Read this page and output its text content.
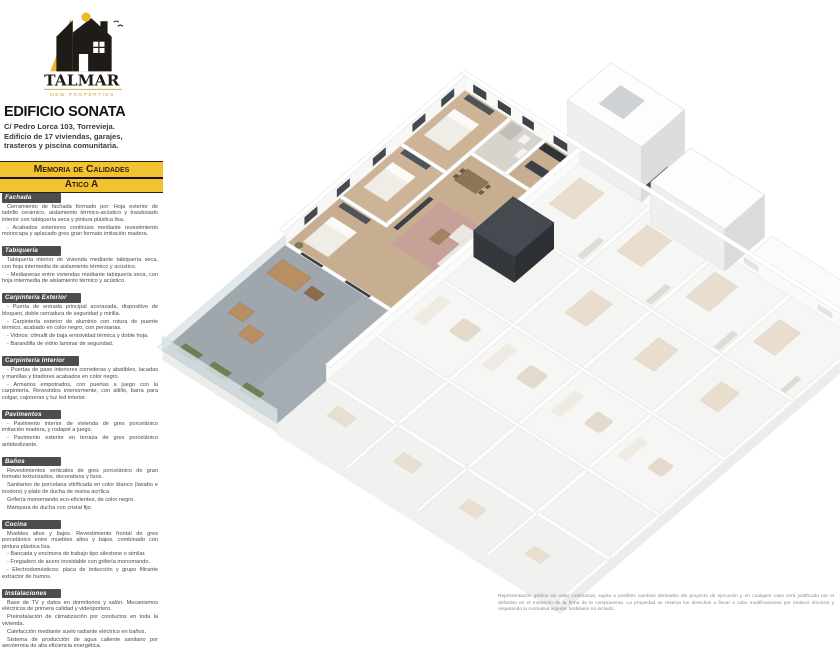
TALMAR
NEW PROPERTIES
EDIFICIO SONATA
C/ Pedro Lorca 103, Torrevieja.
Edificio de 17 viviendas, garajes, trasteros y piscina comunitaria.
Memoria de Calidades
Ático A
Fachada

Cerramiento de fachada formado por: Hoja exterior de ladrillo cerámico, aislamiento térmico-acústico y trasdosado interior con tabiquería seca y pintura plástica lisa.

- Acabados exteriores continuos mediante revestimiento monocapa y aplacado gres gran formato imitación madera.

Tabiquería

Tabiquería interior de vivienda mediante tabiquería seca, con hoja intermedia de aislamiento térmico y acústico.

- Medianeras entre viviendas mediante tabiquería seca, con hoja intermedia de aislamiento térmico y acústico.

Carpintería Exterior

- Puerta de entrada principal acorazada, dispositivo de bloqueo, doble cerradura de seguridad y mirilla.

- Carpintería exterior de aluminio con rotura de puente térmico, acabado en color negro, con persianas.

- Vidrios: climalit de baja emisividad térmica y doble hoja.

- Barandilla de vidrio laminar de seguridad.

Carpintería Interior

- Puertas de paso interiores correderas y abatibles, lacadas y manillas y tiradores acabados en color negro.

- Armarios empotrados, con puertas a juego con la carpintería. Revestidos interiormente, con altillo, barra para colgar, cajoneras y luz led interior.

Pavimentos

- Pavimento interior de vivienda de gres porcelánico imitación madera, y rodapié a juego.

- Pavimento exterior en terraza de gres porcelánico antideslizante.

Baños

Revestimientos verticales de gres porcelánico de gran formato texturizados, decorativos y lisos.

Sanitarios de porcelana vitrificada en color blanco (lavabo e inodoro) y plato de ducha de resina acrílica.

Grifería monomando eco-eficientes, de color negro.

Mampara de ducha con cristal fijo.

Cocina

Muebles altos y bajos. Revestimiento frontal de gres porcelánico entre muebles altos y bajos, combinado con pintura plástica lisa.

- Bancada y encimera de trabajo tipo silestone o similar.

- Fregadero de acero inoxidable con grifería monomando.

- Electrodomésticos: placa de inducción y grupo filtrante extractor de humos.

Instalaciones

Base de TV y datos en dormitorios y salón. Mecanismos eléctricos de primera calidad y videoportero.

Preinstalación de climatización por conductos en toda la vivienda.

Calefacción mediante suelo radiante eléctrico en baños.

Sistema de producción de agua caliente sanitario por aerotermia de alta eficiencia energética.

Representación gráfica sin valor contractual, sujeta a posibles cambios derivados del proyecto de ejecución y en cualquier caso será justificada por el definitivo en el momento de la firma de la compraventa. La propiedad se reserva los derechos a llevar a cabo modificaciones por motivos técnicos y respetando la normativa vigente. Mobiliario no incluido.
